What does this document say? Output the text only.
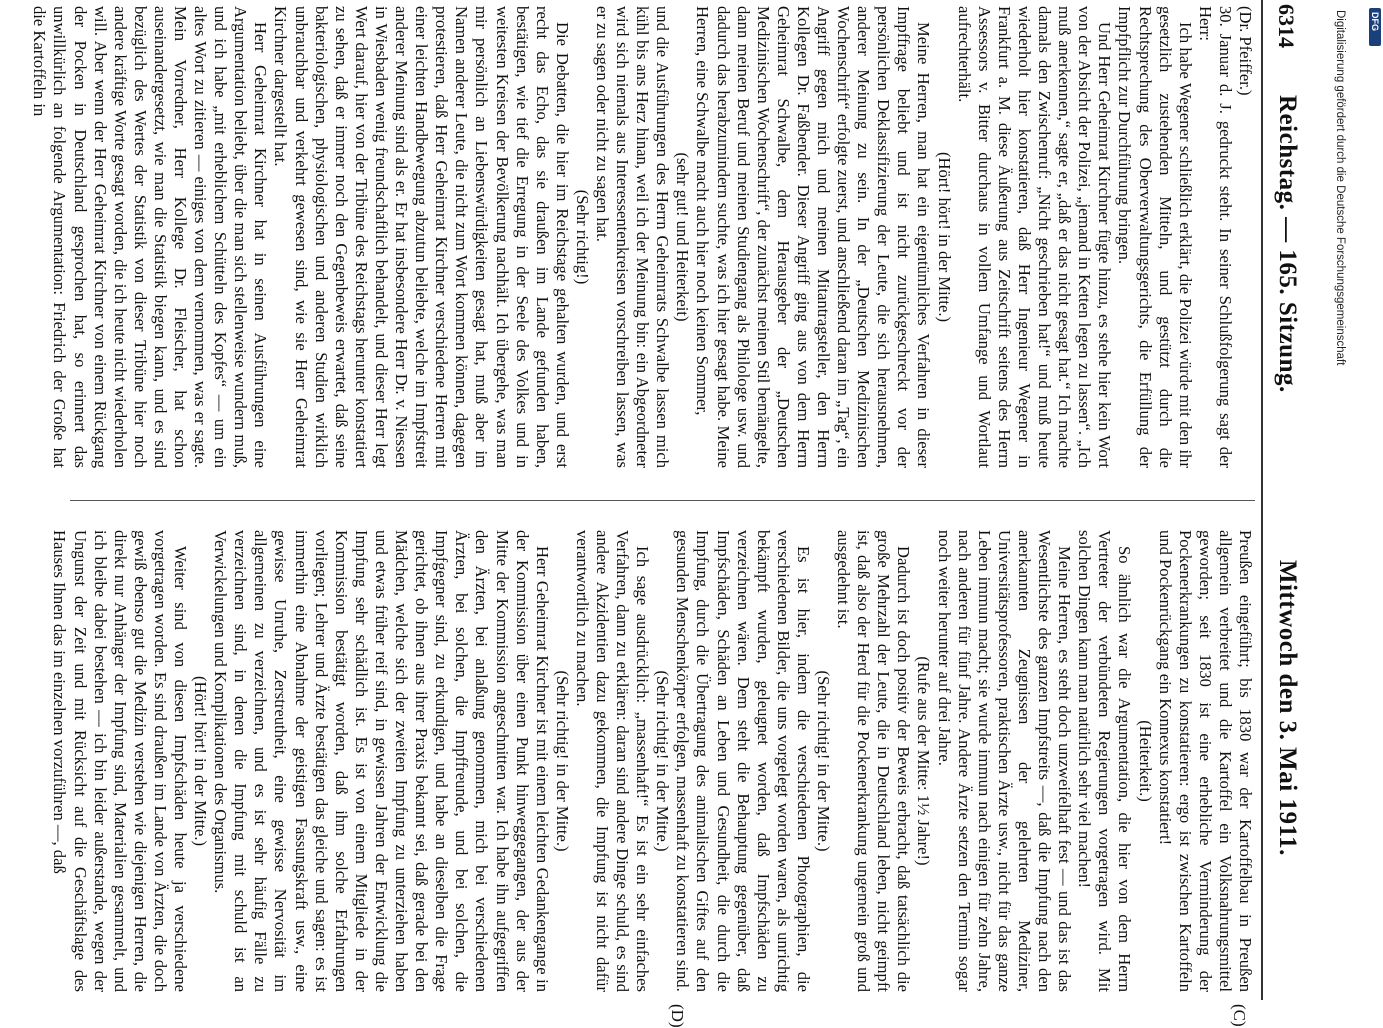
6314
Reichstag. — 165. Sitzung.
Mittwoch den 3. Mai 1911.
(C)
(D)

(Dr. Pfeiffer.)

30. Januar d. J. gedruckt steht. In seiner Schlußfolgerung sagt der Herr:

Ich habe Wegener schließlich erklärt, die Polizei würde mit den ihr gesetzlich zustehenden Mitteln, und gestützt durch die Rechtsprechung des Oberverwaltungsgerichts, die Erfüllung der Impfpflicht zur Durchführung bringen.

Und Herr Geheimrat Kirchner fügte hinzu, es stehe hier kein Wort von der Absicht der Polizei, „jemand in Ketten legen zu lassen“. „Ich muß anerkennen,“ sagte er, „daß er das nicht gesagt hat.“ Ich machte damals den Zwischenruf: „Nicht geschrieben hat!“ und muß heute wiederholt hier konstatieren, daß Herr Ingenieur Wegener in Frankfurt a. M. diese Äußerung aus Zeitschrift seitens des Herrn Assessors v. Bitter durchaus in vollem Umfange und Wortlaut aufrechterhält.

(Hört! hört! in der Mitte.)

Meine Herren, man hat ein eigentümliches Verfahren in dieser Impffrage beliebt und ist nicht zurückgeschreckt vor der persönlichen Deklassifizierung der Leute, die sich herausnehmen, anderer Meinung zu sein. In der „Deutschen Medizinischen Wochenschrift“ erfolgte zuerst, und anschließend daran im „Tag“, ein Angriff gegen mich und meinen Mitantragsteller, den Herrn Kollegen Dr. Faßbender. Dieser Angriff ging aus von dem Herrn Geheimrat Schwalbe, dem Herausgeber der „Deutschen Medizinischen Wochenschrift“, der zunächst meinen Stil bemängelte, dann meinen Beruf und meinen Studiengang als Philologe usw. und dadurch das herabzumindern suchte, was ich hier gesagt habe. Meine Herren, eine Schwalbe macht auch hier noch keinen Sommer,

(sehr gut! und Heiterkeit)

und die Ausführungen des Herrn Geheimrats Schwalbe lassen mich kühl bis ans Herz hinan, weil ich der Meinung bin: ein Abgeordneter wird sich niemals aus Interessentenkreisen vorschreiben lassen, was er zu sagen oder nicht zu sagen hat.

(Sehr richtig!)

Die Debatten, die hier im Reichstage gehalten wurden, und erst recht das Echo, das sie draußen im Lande gefunden haben, bestätigen, wie tief die Erregung in der Seele des Volkes und in weitesten Kreisen der Bevölkerung nachhält. Ich übergehe, was man mir persönlich an Liebenswürdigkeiten gesagt hat, muß aber im Namen anderer Leute, die nicht zum Wort kommen können, dagegen protestieren, daß Herr Geheimrat Kirchner verschiedene Herren mit einer leichten Handbewegung abzutun beliebte, welche im Impfstreit anderer Meinung sind als er. Er hat insbesondere Herr Dr. v. Niessen in Wiesbaden wenig freundschaftlich behandelt, und dieser Herr legt Wert darauf, hier von der Tribüne des Reichstags herunter konstatiert zu sehen, daß er immer noch den Gegenbeweis erwartet, daß seine bakteriologischen, physiologischen und anderen Studien wirklich unbrauchbar und verkehrt gewesen sind, wie sie Herr Geheimrat Kirchner dargestellt hat.

Herr Geheimrat Kirchner hat in seinen Ausführungen eine Argumentation beliebt, über die man sich stellenweise wundern muß, und ich habe „mit erheblichem Schütteln des Kopfes“ — um ein altes Wort zu zitieren — einiges von dem vernommen, was er sagte. Mein Vorredner, Herr Kollege Dr. Fleischer, hat schon auseinandergesetzt, wie man die Statistik biegen kann, und es sind bezüglich des Wertes der Statistik von dieser Tribüne hier noch andere kräftige Worte gesagt worden, die ich heute nicht wiederholen will. Aber wenn der Herr Geheimrat Kirchner von einem Rückgang der Pocken in Deutschland gesprochen hat, so erinnert das unwillkürlich an folgende Argumentation: Friedrich der Große hat die Kartoffeln in

Preußen eingeführt; bis 1830 war der Kartoffelbau in Preußen allgemein verbreitet und die Kartoffel ein Volksnahrungsmittel geworden; seit 1830 ist eine erhebliche Verminderung der Pockenerkrankungen zu konstatieren: ergo ist zwischen Kartoffeln und Pockenrückgang ein Konnexus konstatiert!

(Heiterkeit.)

So ähnlich war die Argumentation, die hier von dem Herrn Vertreter der verbündeten Regierungen vorgetragen wird. Mit solchen Dingen kann man natürlich sehr viel machen!

Meine Herren, es steht doch unzweifelhaft fest — und das ist das Wesentlichste des ganzen Impfstreits —, daß die Impfung nach den anerkannten Zeugnissen der gelehrten Mediziner, Universitätsprofessoren, praktischen Ärzte usw., nicht für das ganze Leben immun macht; sie wurde immun nach einigen für zehn Jahre, nach anderen für fünf Jahre. Andere Ärzte setzen den Termin sogar noch weiter herunter auf drei Jahre.

(Rufe aus der Mitte: 1½ Jahre!)

Dadurch ist doch positiv der Beweis erbracht, daß tatsächlich die große Mehrzahl der Leute, die in Deutschland leben, nicht geimpft ist, daß also der Herd für die Pockenerkrankung ungemein groß und ausgedehnt ist.

(Sehr richtig! in der Mitte.)

Es ist hier, indem die verschiedenen Photographien, die verschiedenen Bilder, die uns vorgelegt worden waren, als unrichtig bekämpft wurden, geleugnet worden, daß Impfschäden zu verzeichnen wären. Dem steht die Behauptung gegenüber, daß Impfschäden, Schäden an Leben und Gesundheit, die durch die Impfung, durch die Übertragung des animalischen Giftes auf den gesunden Menschenkörper erfolgen, massenhaft zu konstatieren sind.

(Sehr richtig! in der Mitte.)

Ich sage ausdrücklich: „massenhaft!“ Es ist ein sehr einfaches Verfahren, dann zu erklären: daran sind andere Dinge schuld, es sind andere Akzidentien dazu gekommen, die Impfung ist nicht dafür verantwortlich zu machen.

(Sehr richtig! in der Mitte.)

Herr Geheimrat Kirchner ist mit einem leichten Gedankengange in der Kommission über einen Punkt hinweggegangen, der aus der Mitte der Kommission angeschnitten war. Ich habe ihn aufgegriffen den Ärzten, bei anlaßung genommen, mich bei verschiedenen Ärzten, bei solchen, die Impffreunde, und bei solchen, die Impfgegner sind, zu erkundigen, und habe an dieselben die Frage gerichtet, ob ihnen aus ihrer Praxis bekannt sei, daß gerade bei den Mädchen, welche sich der zweiten Impfung zu unterziehen haben und etwas früher reif sind, in gewissen Jahren der Entwicklung die Impfung sehr schädlich ist. Es ist von einem Mitgliede in der Kommission bestätigt worden, daß ihm solche Erfahrungen vorliegen; Lehrer und Ärzte bestätigen das gleiche und sagen: es ist immerhin eine Abnahme der geistigen Fassungskraft usw., eine gewisse Unruhe, Zerstreutheit, eine gewisse Nervosität im allgemeinen zu verzeichnen, und es ist sehr häufig Fälle zu verzeichnen sind, in denen die Impfung mit schuld ist an Verwickelungen und Komplikationen des Organismus.

(Hört! hört! in der Mitte.)

Weiter sind von diesen Impfschäden heute ja verschiedene vorgetragen worden. Es sind draußen im Lande von Ärzten, die doch gewiß ebenso gut die Medizin verstehen wie diejenigen Herren, die direkt nur Anhänger der Impfung sind, Materialien gesammelt, und ich bleibe dabei bestehen — ich bin leider außerstande, wegen der Ungunst der Zeit und mit Rücksicht auf die Geschäftslage des Hauses Ihnen das im einzelnen vorzuführen —, daß

Digitalisierung gefördert durch die Deutsche Forschungsgemeinschaft	DFG
